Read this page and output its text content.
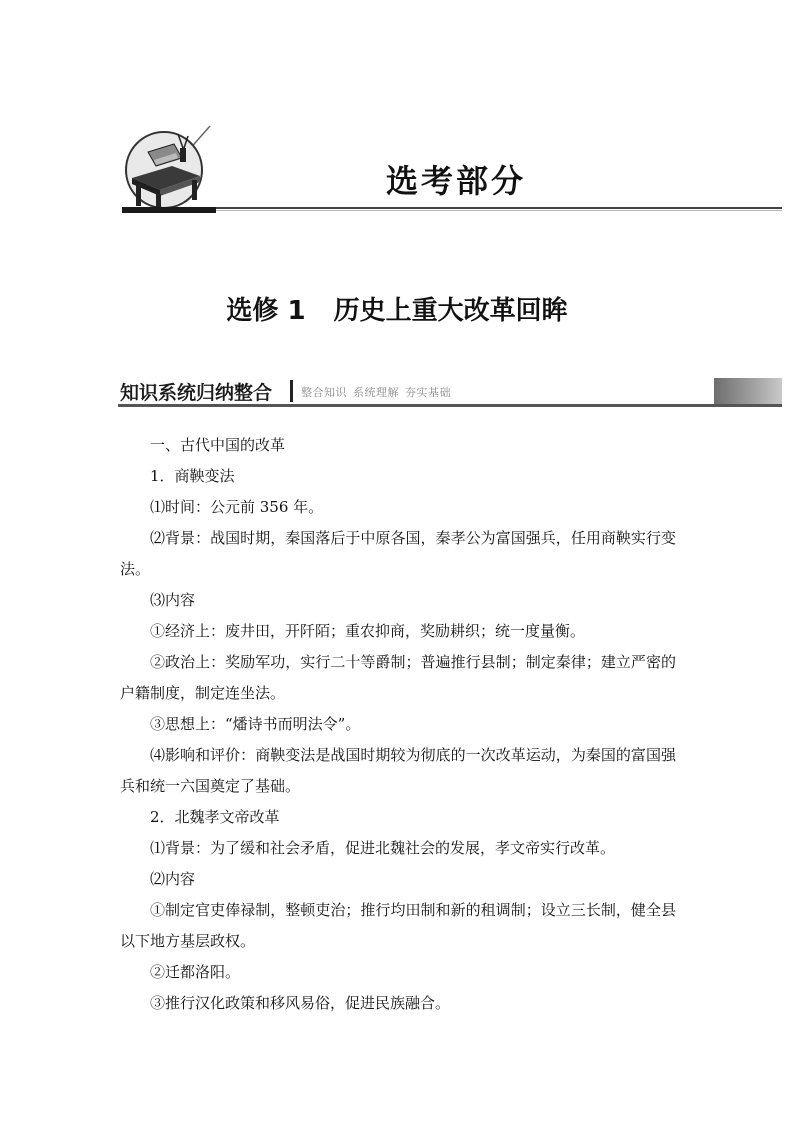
选考部分
选修 1 历史上重大改革回眸
知识系统归纳整合	整合知识 系统理解 夯实基础

一、古代中国的改革

1．商鞅变法

⑴时间：公元前 356 年。

⑵背景：战国时期，秦国落后于中原各国，秦孝公为富国强兵，任用商鞅实行变法。

⑶内容

①经济上：废井田，开阡陌；重农抑商，奖励耕织；统一度量衡。

②政治上：奖励军功，实行二十等爵制；普遍推行县制；制定秦律；建立严密的户籍制度，制定连坐法。

③思想上：“燔诗书而明法令”。

⑷影响和评价：商鞅变法是战国时期较为彻底的一次改革运动，为秦国的富国强兵和统一六国奠定了基础。

2．北魏孝文帝改革

⑴背景：为了缓和社会矛盾，促进北魏社会的发展，孝文帝实行改革。

⑵内容

①制定官吏俸禄制，整顿吏治；推行均田制和新的租调制；设立三长制，健全县以下地方基层政权。

②迁都洛阳。

③推行汉化政策和移风易俗，促进民族融合。
